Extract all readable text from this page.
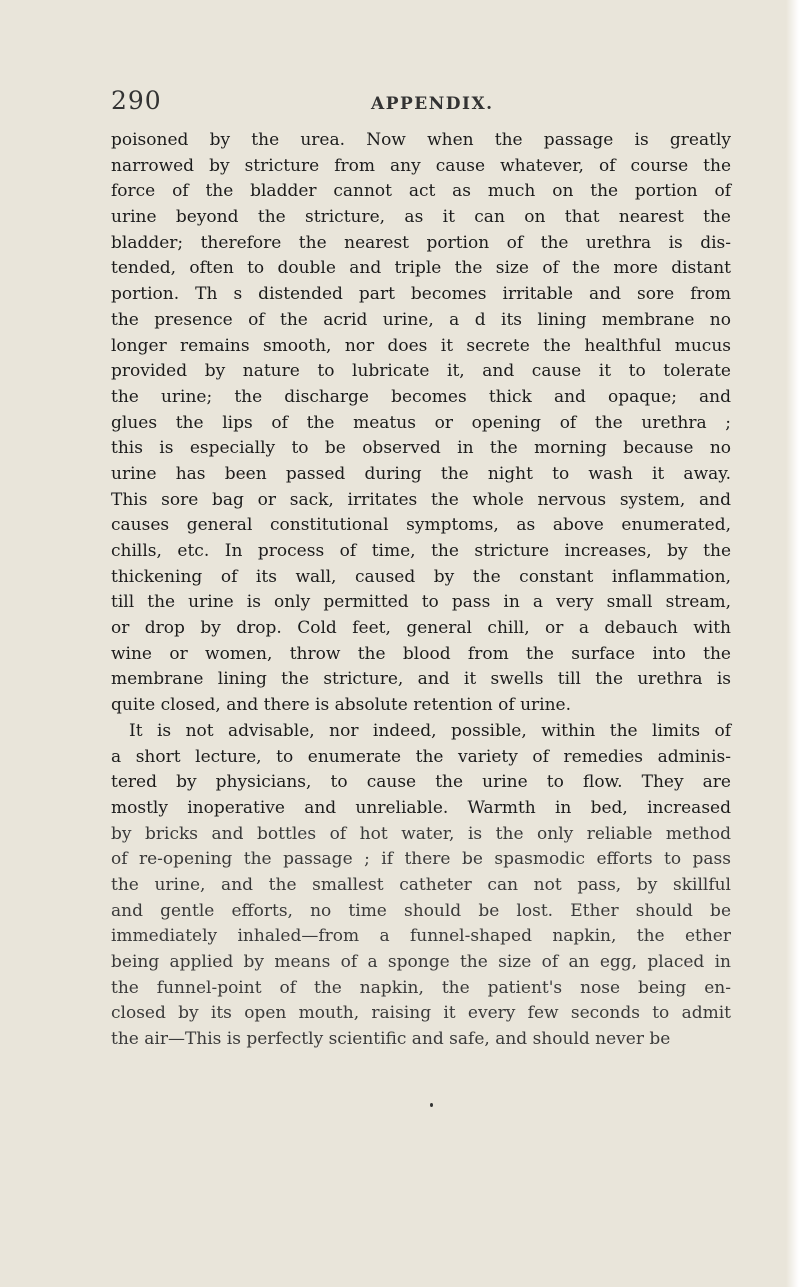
290	APPENDIX.
poisoned by the urea. Now when the passage is greatly
narrowed by stricture from any cause whatever, of course the
force of the bladder cannot act as much on the portion of
urine beyond the stricture, as it can on that nearest the
bladder; therefore the nearest portion of the urethra is dis-
tended, often to double and triple the size of the more distant
portion. Th s distended part becomes irritable and sore from
the presence of the acrid urine, a d its lining membrane no
longer remains smooth, nor does it secrete the healthful mucus
provided by nature to lubricate it, and cause it to tolerate
the urine; the discharge becomes thick and opaque; and
glues the lips of the meatus or opening of the urethra ;
this is especially to be observed in the morning because no
urine has been passed during the night to wash it away.
This sore bag or sack, irritates the whole nervous system, and
causes general constitutional symptoms, as above enumerated,
chills, etc. In process of time, the stricture increases, by the
thickening of its wall, caused by the constant inflammation,
till the urine is only permitted to pass in a very small stream,
or drop by drop. Cold feet, general chill, or a debauch with
wine or women, throw the blood from the surface into the
membrane lining the stricture, and it swells till the urethra is
quite closed, and there is absolute retention of urine.
It is not advisable, nor indeed, possible, within the limits of
a short lecture, to enumerate the variety of remedies adminis-
tered by physicians, to cause the urine to flow. They are
mostly inoperative and unreliable. Warmth in bed, increased
by bricks and bottles of hot water, is the only reliable method
of re-opening the passage ; if there be spasmodic efforts to pass
the urine, and the smallest catheter can not pass, by skillful
and gentle efforts, no time should be lost. Ether should be
immediately inhaled—from a funnel-shaped napkin, the ether
being applied by means of a sponge the size of an egg, placed in
the funnel-point of the napkin, the patient's nose being en-
closed by its open mouth, raising it every few seconds to admit
the air—This is perfectly scientific and safe, and should never be
